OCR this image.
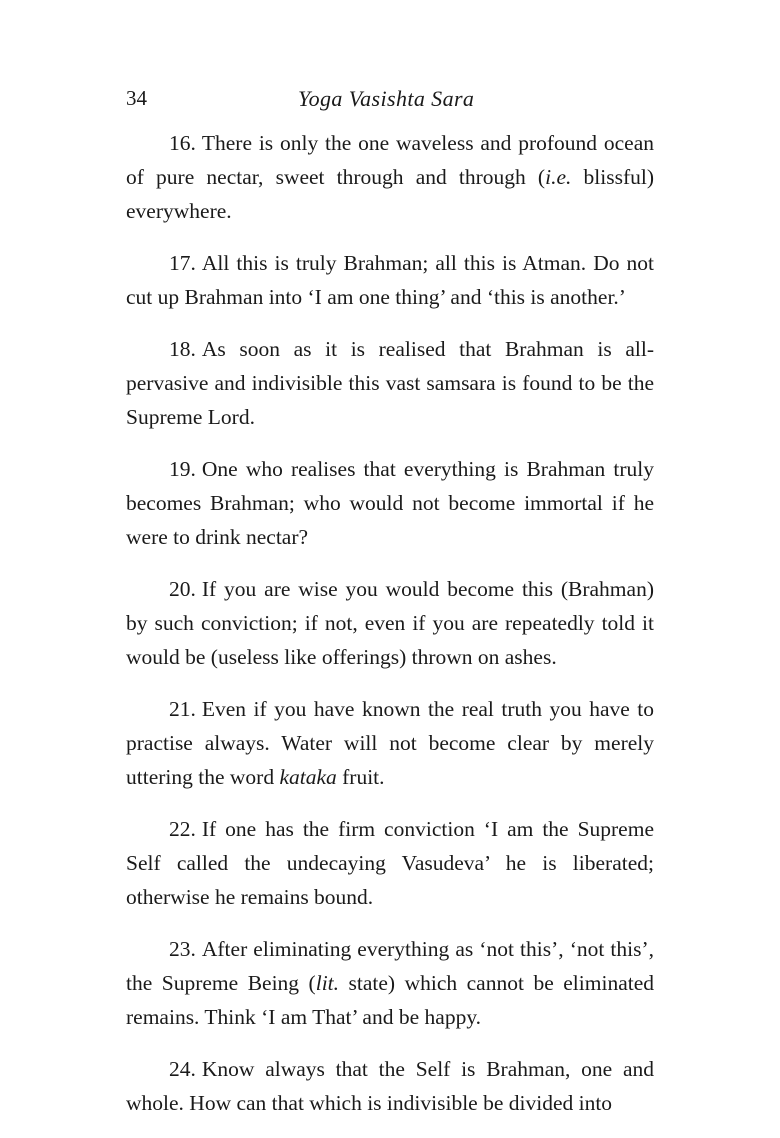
34	Yoga Vasishta Sara

16. There is only the one waveless and profound ocean of pure nectar, sweet through and through (i.e. blissful) everywhere.

17. All this is truly Brahman; all this is Atman. Do not cut up Brahman into ‘I am one thing’ and ‘this is another.’

18. As soon as it is realised that Brahman is all-pervasive and indivisible this vast samsara is found to be the Supreme Lord.

19. One who realises that everything is Brahman truly becomes Brahman; who would not become immortal if he were to drink nectar?

20. If you are wise you would become this (Brahman) by such conviction; if not, even if you are repeatedly told it would be (useless like offerings) thrown on ashes.

21. Even if you have known the real truth you have to practise always. Water will not become clear by merely uttering the word kataka fruit.

22. If one has the firm conviction ‘I am the Supreme Self called the undecaying Vasudeva’ he is liberated; otherwise he remains bound.

23. After eliminating everything as ‘not this’, ‘not this’, the Supreme Being (lit. state) which cannot be eliminated remains. Think ‘I am That’ and be happy.

24. Know always that the Self is Brahman, one and whole. How can that which is indivisible be divided into
